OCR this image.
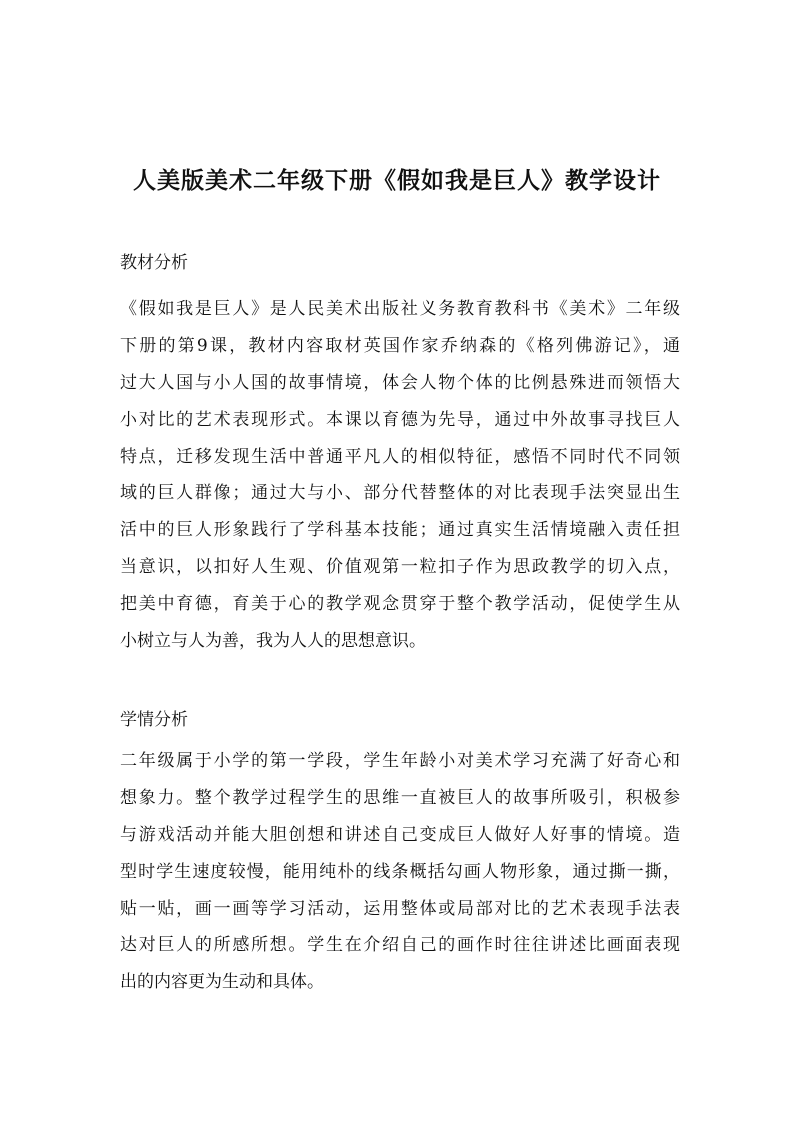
人美版美术二年级下册《假如我是巨人》教学设计
教材分析
《假如我是巨人》是人民美术出版社义务教育教科书《美术》二年级
下册的第9课，教材内容取材英国作家乔纳森的《格列佛游记》，通
过大人国与小人国的故事情境，体会人物个体的比例悬殊进而领悟大
小对比的艺术表现形式。本课以育德为先导，通过中外故事寻找巨人
特点，迁移发现生活中普通平凡人的相似特征，感悟不同时代不同领
域的巨人群像；通过大与小、部分代替整体的对比表现手法突显出生
活中的巨人形象践行了学科基本技能；通过真实生活情境融入责任担
当意识，以扣好人生观、价值观第一粒扣子作为思政教学的切入点，
把美中育德，育美于心的教学观念贯穿于整个教学活动，促使学生从
小树立与人为善，我为人人的思想意识。
学情分析
二年级属于小学的第一学段，学生年龄小对美术学习充满了好奇心和
想象力。整个教学过程学生的思维一直被巨人的故事所吸引，积极参
与游戏活动并能大胆创想和讲述自己变成巨人做好人好事的情境。造
型时学生速度较慢，能用纯朴的线条概括勾画人物形象，通过撕一撕，
贴一贴，画一画等学习活动，运用整体或局部对比的艺术表现手法表
达对巨人的所感所想。学生在介绍自己的画作时往往讲述比画面表现
出的内容更为生动和具体。
